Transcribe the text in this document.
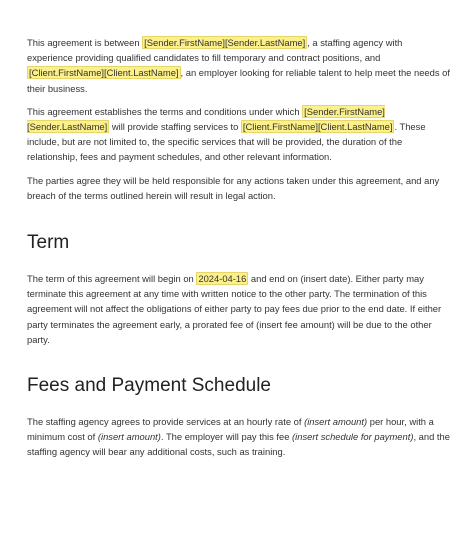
This agreement is between [Sender.FirstName][Sender.LastName] , a staffing agency with experience providing qualified candidates to fill temporary and contract positions, and [Client.FirstName][Client.LastName] , an employer looking for reliable talent to help meet the needs of their business.

This agreement establishes the terms and conditions under which [Sender.FirstName][Sender.LastName] will provide staffing services to [Client.FirstName][Client.LastName] . These include, but are not limited to, the specific services that will be provided, the duration of the relationship, fees and payment schedules, and other relevant information.

The parties agree they will be held responsible for any actions taken under this agreement, and any breach of the terms outlined herein will result in legal action.

Term

The term of this agreement will begin on 2024-04-16 and end on (insert date). Either party may terminate this agreement at any time with written notice to the other party. The termination of this agreement will not affect the obligations of either party to pay fees due prior to the end date. If either party terminates the agreement early, a prorated fee of (insert fee amount) will be due to the other party.

Fees and Payment Schedule

The staffing agency agrees to provide services at an hourly rate of (insert amount) per hour, with a minimum cost of (insert amount). The employer will pay this fee (insert schedule for payment), and the staffing agency will bear any additional costs, such as training.
